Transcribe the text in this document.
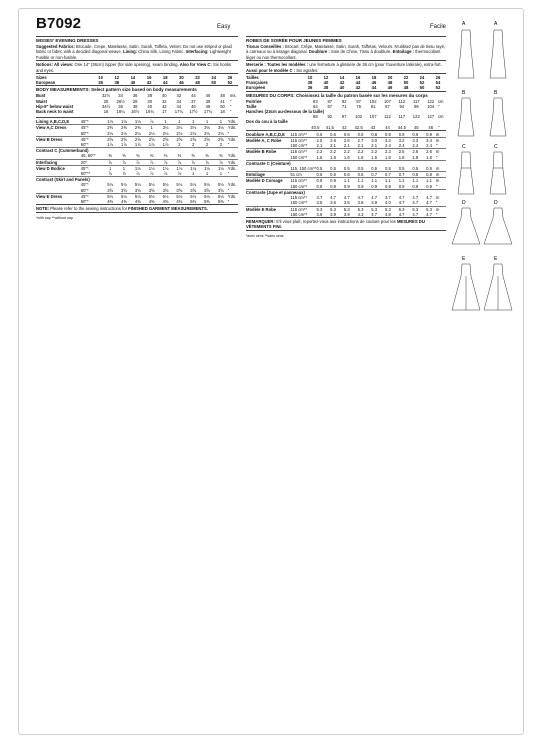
B7092	Easy	Facile
MISSES' EVENING DRESSES
Suggested Fabrics: Brocade, Crepe, Matelasse, Satin, Surah, Taffeta, Velvet. Do not use striped or plaid fabric or fabric with a decided diagonal weave. Lining: China Silk, Lining Fabric. Interfacing: Lightweight Fusible or non-fusible.
Notions: All views: One 14" (36cm) zipper (for side opening), seam binding. Also for View C: Six hooks and eyes.
Sizes	10	12	14	16	18	20	22	24	26
European	36	38	40	42	44	46	48	50	52
BODY MEASUREMENTS: Select pattern size based on body measurements
Bust	32½	34	36	38	40	42	44	46	48	Ins.
Waist	25	26½	28	30	32	34	37	39	41	"
Hip-9" below waist	34½	36	38	40	42	44	46	48	50	"
Back neck to waist	16	16¼	16½	16¾	17	17¼	17½	17¾	18	"
Lining A,B,C,D,E	45"*	1⅛	1⅛	1⅛	⅞	1	1	1	1	1	Yds.
View A,C Dress	45"*	2⅜	2⅜	2⅜	1	3⅛	3⅛	3⅛	3⅛	3⅛	Yds.
	60"*	2⅛	2⅛	2⅛	2⅛	2⅛	2⅛	2⅛	2⅛	2⅛	"
View B Dress	45"*	2⅝	2⅝	2⅝	2⅝	2⅝	2⅝	2⅝	2⅝	2⅝	Yds.
	60"*	1⅞	1⅞	1⅞	1⅞	1⅞	2	2	2	2	"
Contrast C (Cummerbund)											
	45, 60"*	⅜	⅜	⅜	⅜	⅜	⅜	⅜	⅜	⅜	Yds.
Interfacing	20"	⅞	⅞	⅞	⅞	⅞	⅞	⅞	⅞	⅞	Yds.
View D Bodice	45"*	1	1	1⅛	1⅛	1⅛	1⅛	1⅛	1⅛	1⅛	Yds.
	60"**	⅞	⅞	⅞	⅞	⅞	⅞	1	1	1	"
Contrast (Skirt and Panels)											
	45"*	5⅛	5⅛	5⅛	5⅛	5⅛	5⅛	5⅛	5⅛	5⅛	Yds.
	60"*	3⅝	3⅝	3⅝	3⅝	3⅝	3⅝	3⅝	3⅝	3⅝	"
View E Dress	45"*	5⅛	5⅛	5⅛	5⅛	5⅛	5⅛	5⅛	5⅛	5⅛	Yds.
	60"*	4⅜	4⅜	4⅜	4⅜	4⅜	4⅜	5⅜	5⅜	5⅜	"
NOTE: Please refer to the sewing instructions for FINISHED GARMENT MEASUREMENTS.
*with nap **without nap
ROBES DE SOIRÉE POUR JEUNES FEMMES
Tissus Conseillés : Brocart, Crêpe, Matelassé, Satin, Surah, Taffetas, Velours. N'utilisez pas de tissu rayé, à carreaux ou à tissage diagonal. Doublure : Soie de Chine, Tissu à doublure. Entoilage : thermocollant léger ou non thermocollant.
Mercerie : Toutes les modèles : une fermeture à glissière de 36 cm (pour l'ouverture latérale), extra-fort. Aussi pour le modèle C : Six agrafes.
Tailles	10	12	14	16	18	20	22	24	26
Françaises	38	40	42	44	46	48	50	52	54
Européen	36	38	40	42	44	46	48	50	52
MESURES DU CORPS: Choisissez la taille du patron basée sur les mesures du corps
Poitrine	83	87	92	97	102	107	112	117	122	cm
Taille	64	67	71	76	81	87	94	99	104	"
Hanches (23cm au-dessous de la taille)										
	88	92	97	102	107	112	117	122	127	cm
Dos du cou à la taille										
	40.5	41.5	42	42.5	43	44	44.5	45	46	"
Doublure A,B,C,D,E	115 cm**	0.6	0.6	0.6	0.6	0.8	0.9	0.9	0.9	0.9	m
Modèle A, C Robe	115 cm**	2.5	2.6	2.6	2.7	3.0	3.2	3.2	3.3	3.4	m
	150 cm**	2.1	2.1	2.1	2.1	2.1	2.4	2.4	2.4	2.4	"
Modèle B Robe	115 cm**	2.2	2.2	2.2	2.2	2.2	2.3	2.5	2.6	2.6	m
	150 cm**	1.6	1.6	1.6	1.6	1.6	1.8	1.8	1.8	1.8	"
Contraste C (Ceinture)											
	115, 150 cm**	0.5	0.5	0.5	0.5	0.5	0.5	0.5	0.5	0.5	m
Entoilage	51 cm	0.6	0.6	0.6	0.6	0.7	0.7	0.7	0.8	0.8	m
Modèle D Corsage	115 cm**	0.8	0.9	1.1	1.1	1.1	1.1	1.1	1.1	1.1	m
	150 cm**	0.8	0.8	0.9	0.9	0.9	0.9	0.9	0.9	0.9	"
Contraste (Jupe et panneaux)											
	115 cm**	4.7	4.7	4.7	4.7	4.7	4.7	4.7	4.7	4.7	m
	150 cm**	3.5	3.5	3.5	3.8	3.9	4.0	4.7	4.7	4.7	"
Modèle E Robe	115 cm**	5.3	5.3	5.3	5.3	5.3	5.3	5.3	5.3	5.3	m
	150 cm**	3.9	3.9	3.9	4.3	4.7	4.8	4.7	4.7	4.7	"
REMARQUER: S'il vous plaît, reportez-vous aux instructions de couture pour les MESURES DU VÊTEMENTS FINI.
*avec sens **sans sens
A	A
B	B
C	C
D	D
E	E
